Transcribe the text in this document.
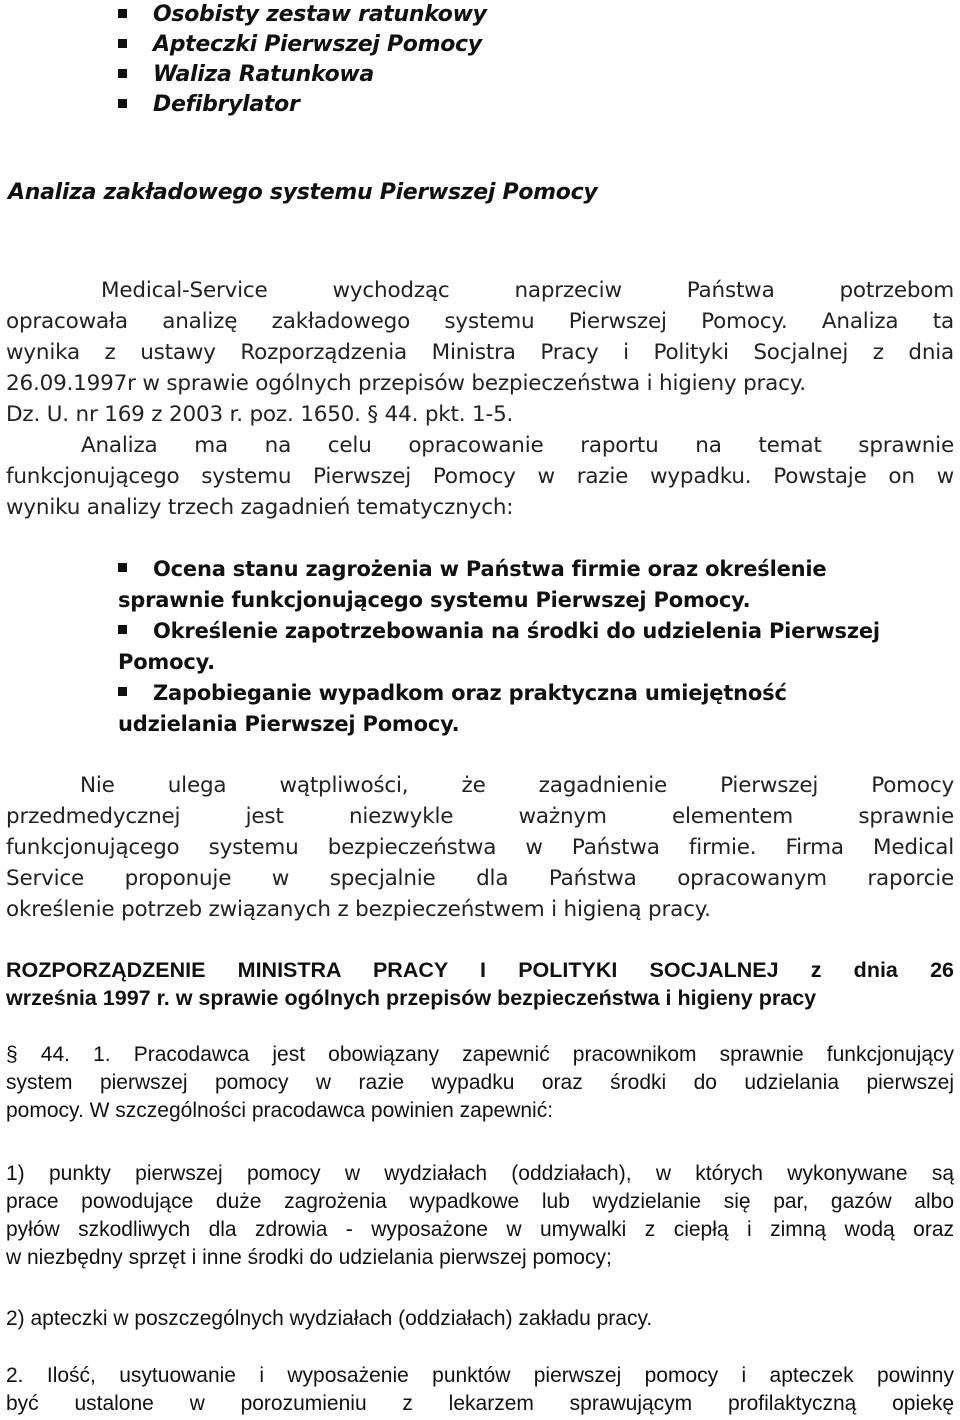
Osobisty zestaw ratunkowy
Apteczki Pierwszej Pomocy
Waliza Ratunkowa
Defibrylator
Analiza zakładowego systemu Pierwszej Pomocy
Medical-Service wychodząc naprzeciw Państwa potrzebom
opracowała analizę zakładowego systemu Pierwszej Pomocy. Analiza ta
wynika z ustawy Rozporządzenia Ministra Pracy i Polityki Socjalnej z dnia
26.09.1997r w sprawie ogólnych przepisów bezpieczeństwa i higieny pracy.
Dz. U. nr 169 z 2003 r. poz. 1650. § 44. pkt. 1-5.
Analiza ma na celu opracowanie raportu na temat sprawnie
funkcjonującego systemu Pierwszej Pomocy w razie wypadku. Powstaje on w
wyniku analizy trzech zagadnień tematycznych:
Ocena stanu zagrożenia w Państwa firmie oraz określenie
sprawnie funkcjonującego systemu Pierwszej Pomocy.
Określenie zapotrzebowania na środki do udzielenia Pierwszej
Pomocy.
Zapobieganie wypadkom oraz praktyczna umiejętność
udzielania Pierwszej Pomocy.
Nie ulega wątpliwości, że zagadnienie Pierwszej Pomocy
przedmedycznej jest niezwykle ważnym elementem sprawnie
funkcjonującego systemu bezpieczeństwa w Państwa firmie. Firma Medical
Service proponuje w specjalnie dla Państwa opracowanym raporcie
określenie potrzeb związanych z bezpieczeństwem i higieną pracy.
ROZPORZĄDZENIE MINISTRA PRACY I POLITYKI SOCJALNEJ z dnia 26
września 1997 r. w sprawie ogólnych przepisów bezpieczeństwa i higieny pracy
§ 44. 1. Pracodawca jest obowiązany zapewnić pracownikom sprawnie funkcjonujący
system pierwszej pomocy w razie wypadku oraz środki do udzielania pierwszej
pomocy. W szczególności pracodawca powinien zapewnić:
1) punkty pierwszej pomocy w wydziałach (oddziałach), w których wykonywane są
prace powodujące duże zagrożenia wypadkowe lub wydzielanie się par, gazów albo
pyłów szkodliwych dla zdrowia - wyposażone w umywalki z ciepłą i zimną wodą oraz
w niezbędny sprzęt i inne środki do udzielania pierwszej pomocy;
2) apteczki w poszczególnych wydziałach (oddziałach) zakładu pracy.
2. Ilość, usytuowanie i wyposażenie punktów pierwszej pomocy i apteczek powinny
być ustalone w porozumieniu z lekarzem sprawującym profilaktyczną opiekę
